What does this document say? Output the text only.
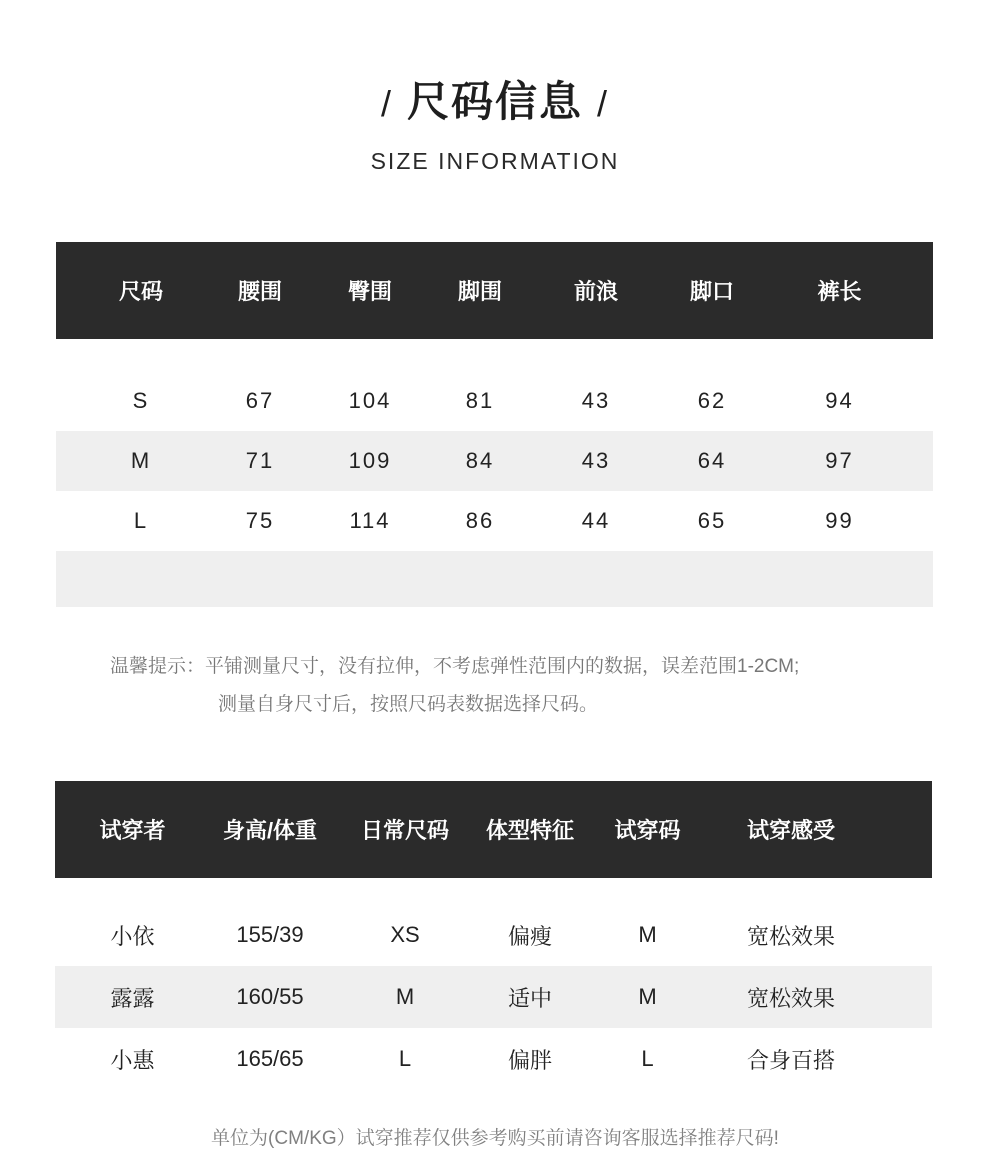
/ 尺码信息 /
SIZE INFORMATION
尺码	腰围	臀围	脚围	前浪	脚口	裤长
S	67	104	81	43	62	94
M	71	109	84	43	64	97
L	75	114	86	44	65	99
温馨提示：平铺测量尺寸，没有拉伸，不考虑弹性范围内的数据，误差范围1-2CM;
测量自身尺寸后，按照尺码表数据选择尺码。
试穿者	身高/体重	日常尺码	体型特征	试穿码	试穿感受
小依	155/39	XS	偏瘦	M	宽松效果
露露	160/55	M	适中	M	宽松效果
小惠	165/65	L	偏胖	L	合身百搭
单位为(CM/KG）试穿推荐仅供参考购买前请咨询客服选择推荐尺码!
